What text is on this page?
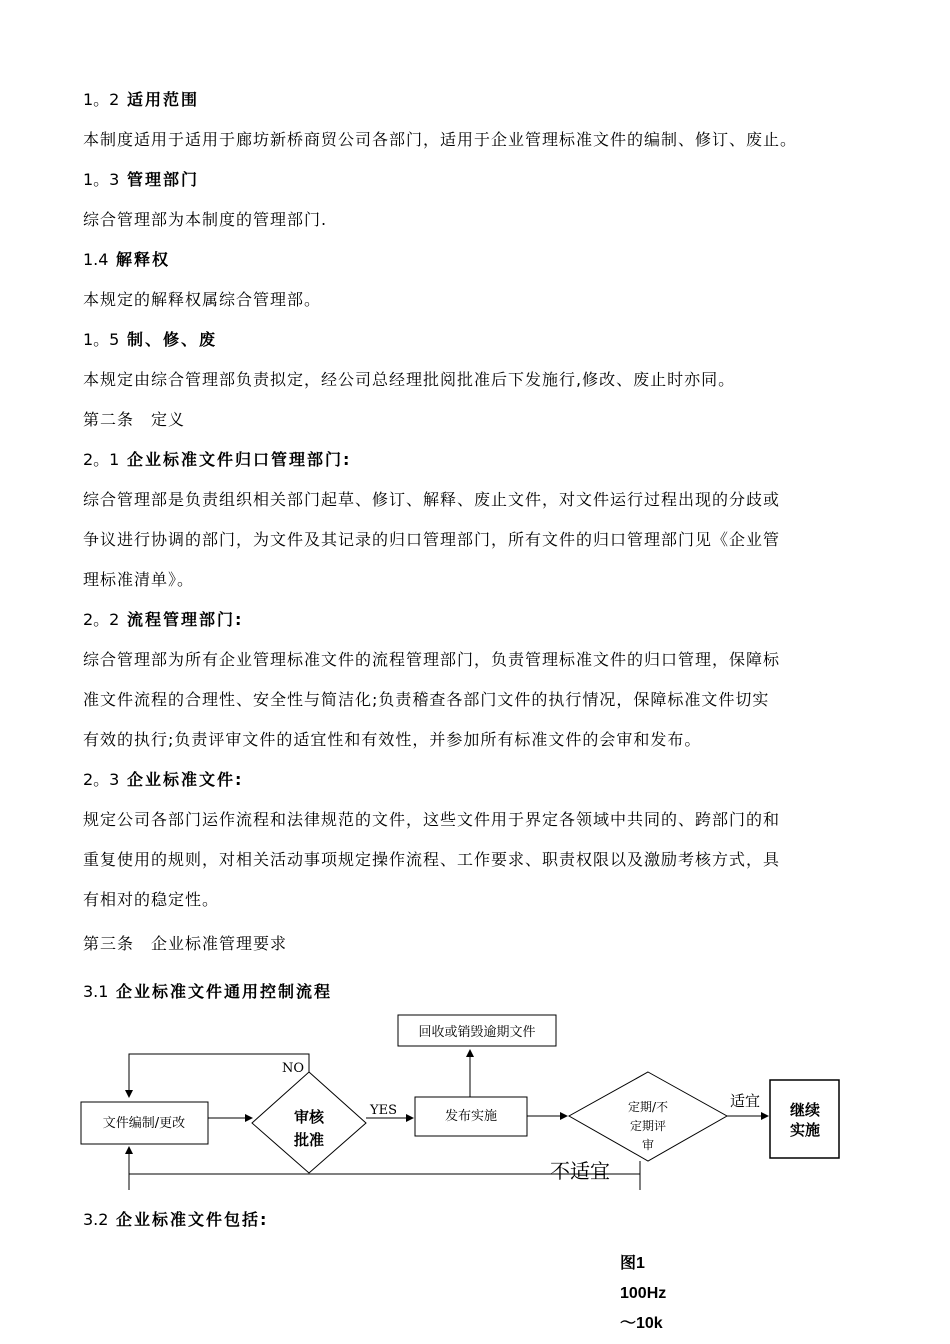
1。2 适用范围
本制度适用于适用于廊坊新桥商贸公司各部门，适用于企业管理标准文件的编制、修订、废止。
1。3 管理部门
综合管理部为本制度的管理部门.
1.4 解释权
本规定的解释权属综合管理部。
1。5 制、修、废
本规定由综合管理部负责拟定，经公司总经理批阅批准后下发施行,修改、废止时亦同。
第二条　定义
2。1 企业标准文件归口管理部门:
综合管理部是负责组织相关部门起草、修订、解释、废止文件，对文件运行过程出现的分歧或
争议进行协调的部门，为文件及其记录的归口管理部门，所有文件的归口管理部门见《企业管
理标准清单》。
2。2 流程管理部门:
综合管理部为所有企业管理标准文件的流程管理部门，负责管理标准文件的归口管理，保障标
准文件流程的合理性、安全性与简洁化;负责稽查各部门文件的执行情况，保障标准文件切实
有效的执行;负责评审文件的适宜性和有效性，并参加所有标准文件的会审和发布。
2。3 企业标准文件:
规定公司各部门运作流程和法律规范的文件，这些文件用于界定各领域中共同的、跨部门的和
重复使用的规则，对相关活动事项规定操作流程、工作要求、职责权限以及激励考核方式，具
有相对的稳定性。
第三条　企业标准管理要求
3.1 企业标准文件通用控制流程
文件编制/更改	审核
批准
NO
YES	发布实施
回收或销毁逾期文件
定期/不
定期评
审
适宜 继续
实施
不适宜
3.2 企业标准文件包括:
图1
100Hz
～10k
